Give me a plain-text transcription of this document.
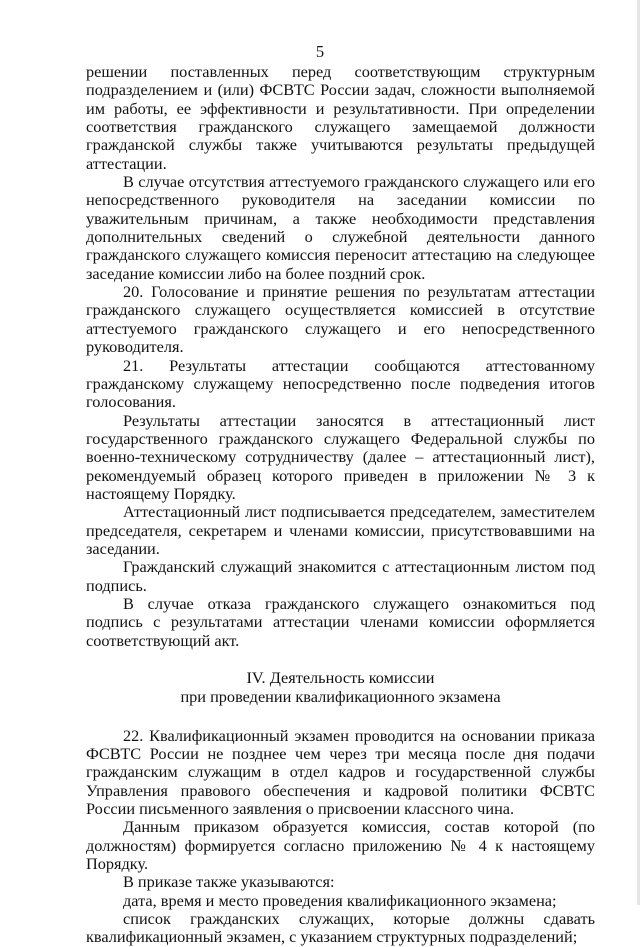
5

решении поставленных перед соответствующим структурным подразделением и (или) ФСВТС России задач, сложности выполняемой им работы, ее эффективности и результативности. При определении соответствия гражданского служащего замещаемой должности гражданской службы также учитываются результаты предыдущей аттестации.

В случае отсутствия аттестуемого гражданского служащего или его непосредственного руководителя на заседании комиссии по уважительным причинам, а также необходимости представления дополнительных сведений о служебной деятельности данного гражданского служащего комиссия переносит аттестацию на следующее заседание комиссии либо на более поздний срок.

20. Голосование и принятие решения по результатам аттестации гражданского служащего осуществляется комиссией в отсутствие аттестуемого гражданского служащего и его непосредственного руководителя.

21. Результаты аттестации сообщаются аттестованному гражданскому служащему непосредственно после подведения итогов голосования.

Результаты аттестации заносятся в аттестационный лист государственного гражданского служащего Федеральной службы по военно-техническому сотрудничеству (далее – аттестационный лист), рекомендуемый образец которого приведен в приложении № 3 к настоящему Порядку.

Аттестационный лист подписывается председателем, заместителем председателя, секретарем и членами комиссии, присутствовавшими на заседании.

Гражданский служащий знакомится с аттестационным листом под подпись.

В случае отказа гражданского служащего ознакомиться под подпись с результатами аттестации членами комиссии оформляется соответствующий акт.

IV. Деятельность комиссии
при проведении квалификационного экзамена

22. Квалификационный экзамен проводится на основании приказа ФСВТС России не позднее чем через три месяца после дня подачи гражданским служащим в отдел кадров и государственной службы Управления правового обеспечения и кадровой политики ФСВТС России письменного заявления о присвоении классного чина.

Данным приказом образуется комиссия, состав которой (по должностям) формируется согласно приложению № 4 к настоящему Порядку.

В приказе также указываются:

дата, время и место проведения квалификационного экзамена;

список гражданских служащих, которые должны сдавать квалификационный экзамен, с указанием структурных подразделений;
